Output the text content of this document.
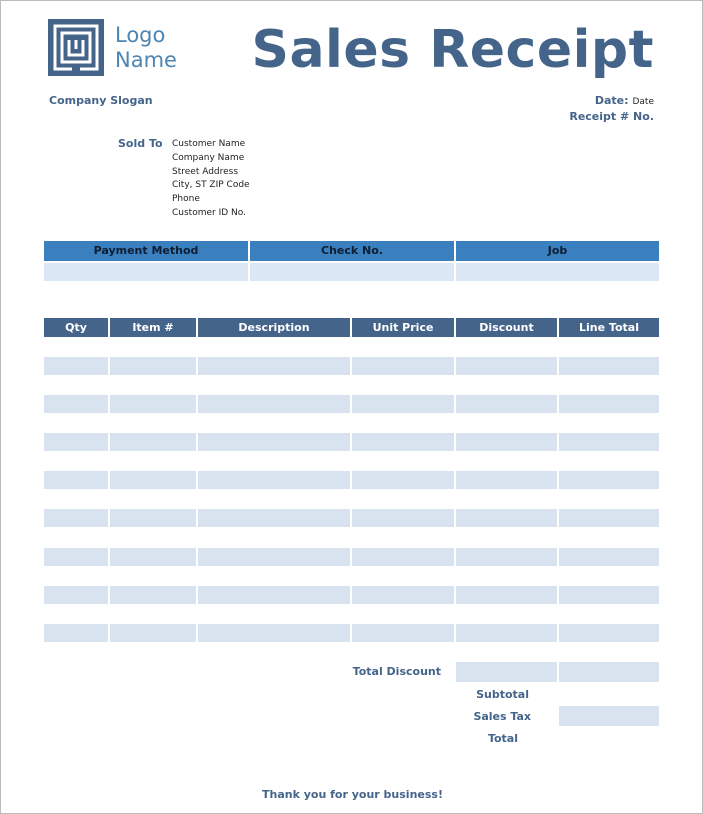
Logo
Name Sales Receipt
Company Slogan	Date: Date
Receipt # No.
Sold To Customer Name
Company Name
Street Address
City, ST ZIP Code
Phone
Customer ID No.
Payment Method	Check No.	Job
Qty	Item #	Description	Unit Price	Discount	Line Total
Total Discount
Subtotal
Sales Tax
Total
Thank you for your business!
